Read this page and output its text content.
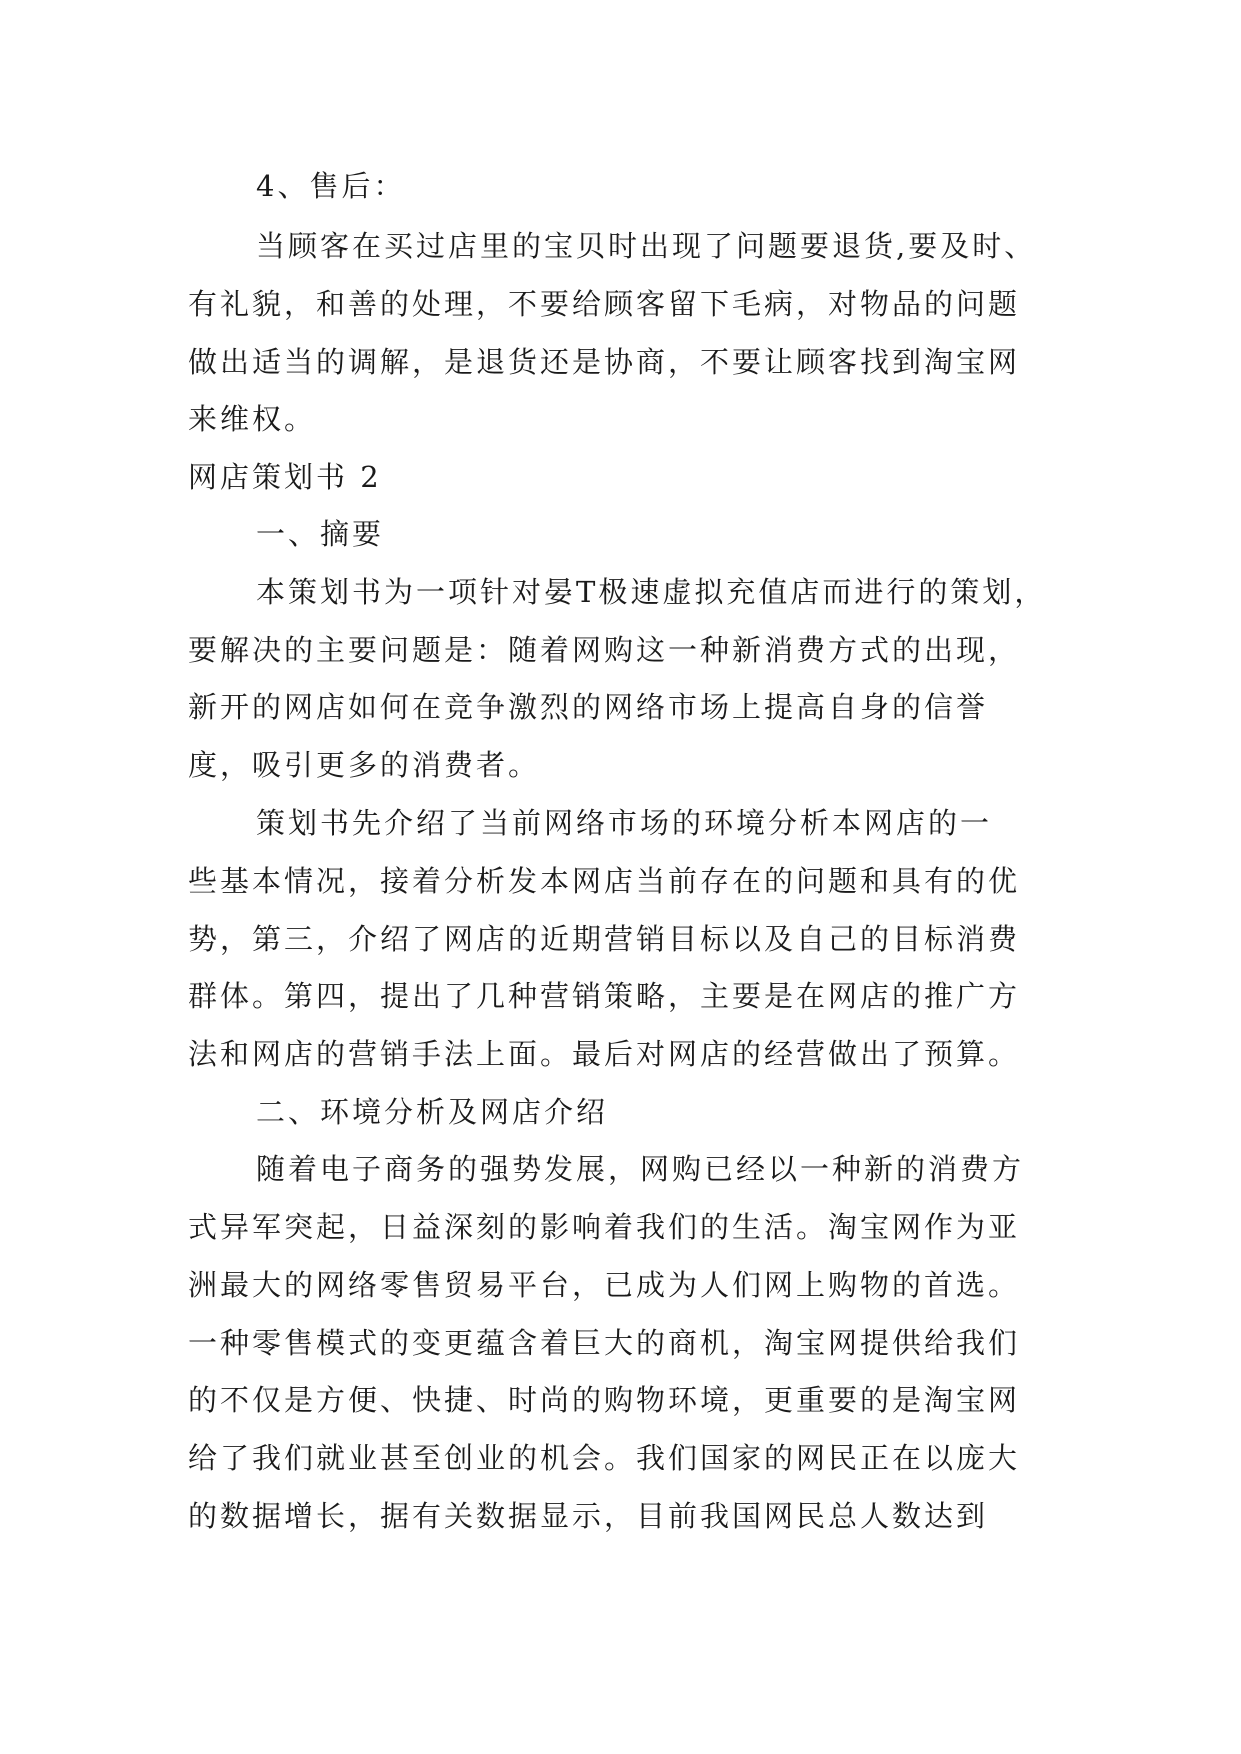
4、售后：
当顾客在买过店里的宝贝时出现了问题要退货,要及时、
有礼貌，和善的处理，不要给顾客留下毛病，对物品的问题
做出适当的调解，是退货还是协商，不要让顾客找到淘宝网
来维权。
网店策划书 2
一、摘要
本策划书为一项针对晏T极速虚拟充值店而进行的策划，
要解决的主要问题是：随着网购这一种新消费方式的出现，
新开的网店如何在竞争激烈的网络市场上提高自身的信誉
度，吸引更多的消费者。
策划书先介绍了当前网络市场的环境分析本网店的一
些基本情况，接着分析发本网店当前存在的问题和具有的优
势，第三，介绍了网店的近期营销目标以及自己的目标消费
群体。第四，提出了几种营销策略，主要是在网店的推广方
法和网店的营销手法上面。最后对网店的经营做出了预算。
二、环境分析及网店介绍
随着电子商务的强势发展，网购已经以一种新的消费方
式异军突起，日益深刻的影响着我们的生活。淘宝网作为亚
洲最大的网络零售贸易平台，已成为人们网上购物的首选。
一种零售模式的变更蕴含着巨大的商机，淘宝网提供给我们
的不仅是方便、快捷、时尚的购物环境，更重要的是淘宝网
给了我们就业甚至创业的机会。我们国家的网民正在以庞大
的数据增长，据有关数据显示，目前我国网民总人数达到
